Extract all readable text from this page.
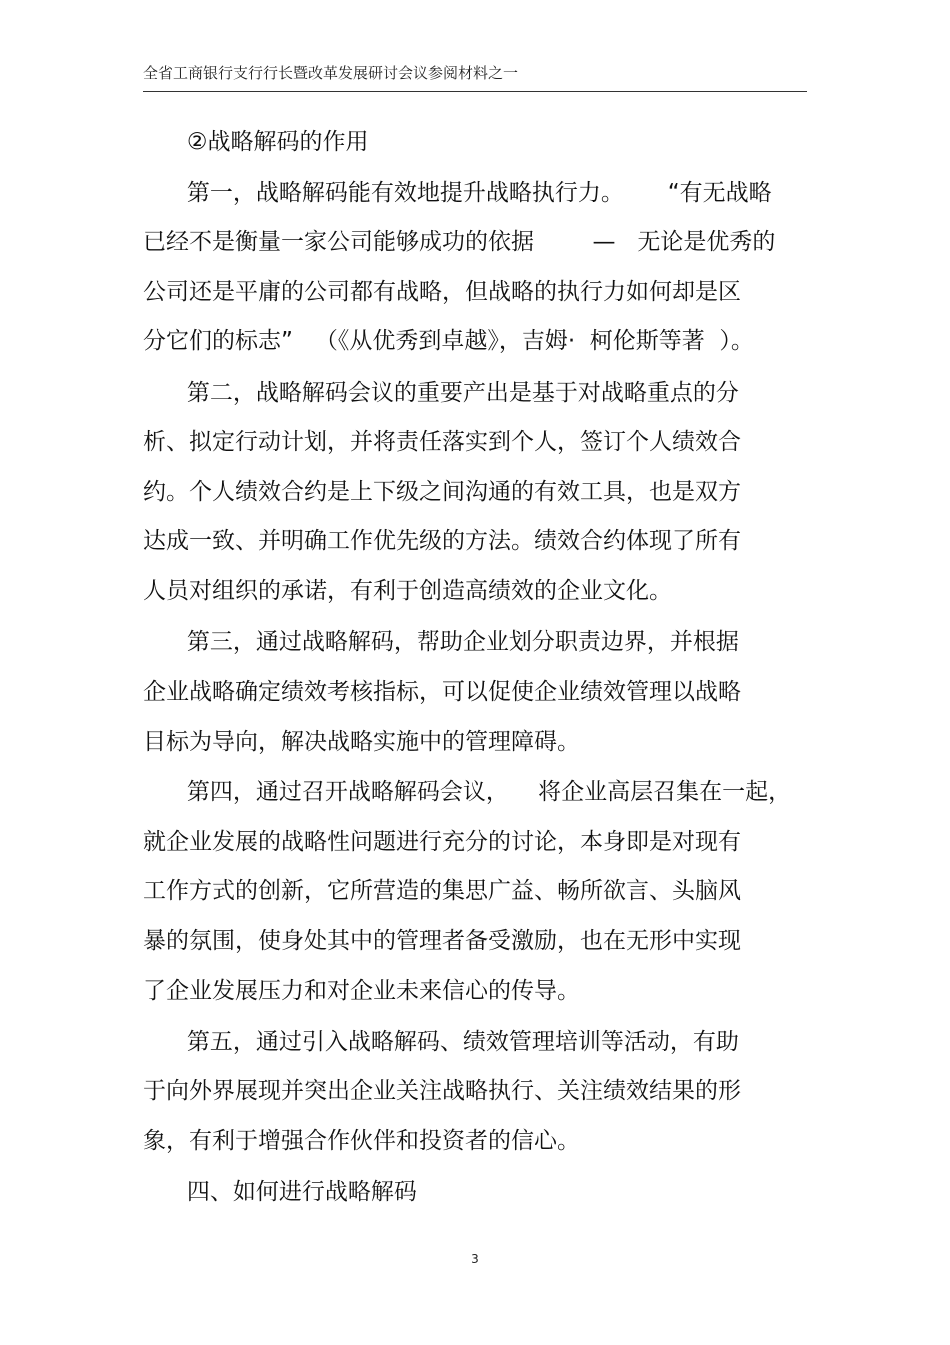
全省工商银行支行行长暨改革发展研讨会议参阅材料之一
②战略解码的作用
第一，战略解码能有效地提升战略执行力。      “有无战略
已经不是衡量一家公司能够成功的依据        —   无论是优秀的
公司还是平庸的公司都有战略，但战略的执行力如何却是区
分它们的标志”   （《从优秀到卓越》，吉姆·  柯伦斯等著  ）。
第二，战略解码会议的重要产出是基于对战略重点的分
析、拟定行动计划，并将责任落实到个人，签订个人绩效合
约。个人绩效合约是上下级之间沟通的有效工具，也是双方
达成一致、并明确工作优先级的方法。绩效合约体现了所有
人员对组织的承诺，有利于创造高绩效的企业文化。
第三，通过战略解码，帮助企业划分职责边界，并根据
企业战略确定绩效考核指标，可以促使企业绩效管理以战略
目标为导向，解决战略实施中的管理障碍。
第四，通过召开战略解码会议，    将企业高层召集在一起，
就企业发展的战略性问题进行充分的讨论，本身即是对现有
工作方式的创新，它所营造的集思广益、畅所欲言、头脑风
暴的氛围，使身处其中的管理者备受激励，也在无形中实现
了企业发展压力和对企业未来信心的传导。
第五，通过引入战略解码、绩效管理培训等活动，有助
于向外界展现并突出企业关注战略执行、关注绩效结果的形
象，有利于增强合作伙伴和投资者的信心。
四、如何进行战略解码
3
